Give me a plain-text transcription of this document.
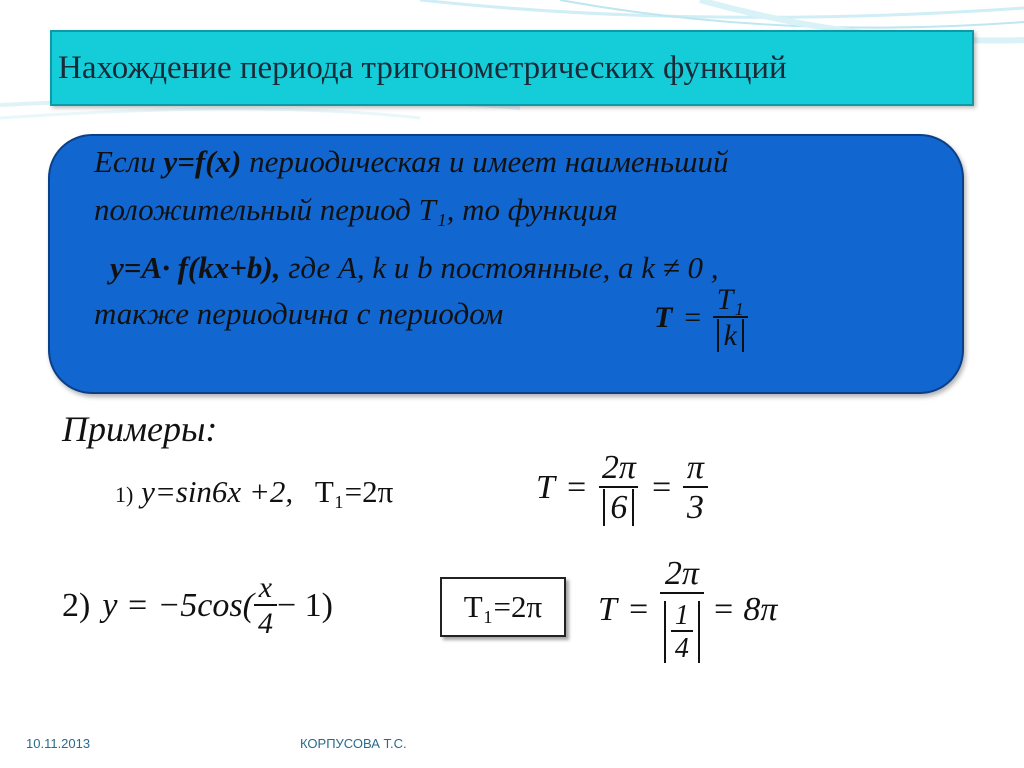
Нахождение периода тригонометрических функций
Если y=f(x) периодическая и имеет наименьший
положительный период Т₁, то функция
y=A· f(kx+b), где A, k и b постоянные, а k ≠ 0 ,
также периодична с периодом	$T = \frac{\text{T₁}}{k}$
Примеры:
1) y=sin6x +2, Т₁=2π	$T = \frac{2\pi}{6} = \frac{\pi}{3}$
2) $y = -5\cos( \frac{x}{4} - 1)$	Т₁=2π	$T = \frac{2\pi}{\frac{1}{4}} = 8\pi$
10.11.2013	КОРПУСОВА Т.С.
